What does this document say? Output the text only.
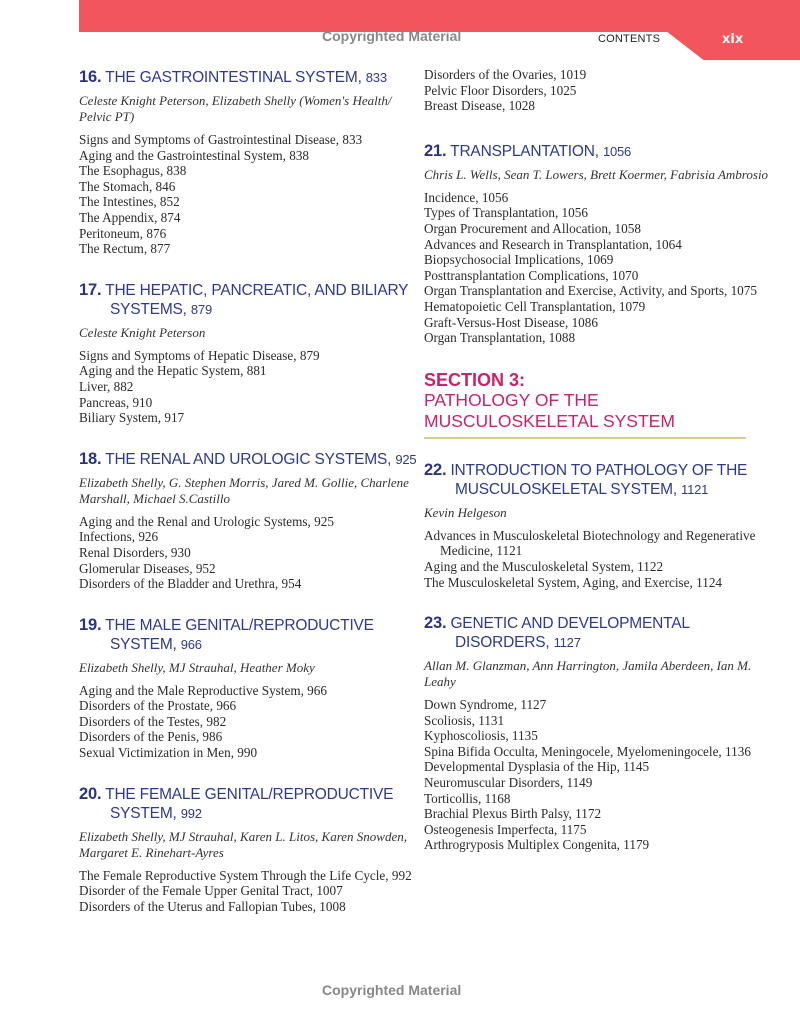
xix
CONTENTS
Copyrighted Material
16. THE GASTROINTESTINAL SYSTEM, 833
Celeste Knight Peterson, Elizabeth Shelly (Women's Health/ Pelvic PT)
Signs and Symptoms of Gastrointestinal Disease, 833
Aging and the Gastrointestinal System, 838
The Esophagus, 838
The Stomach, 846
The Intestines, 852
The Appendix, 874
Peritoneum, 876
The Rectum, 877
17. THE HEPATIC, PANCREATIC, AND BILIARY SYSTEMS, 879
Celeste Knight Peterson
Signs and Symptoms of Hepatic Disease, 879
Aging and the Hepatic System, 881
Liver, 882
Pancreas, 910
Biliary System, 917
18. THE RENAL AND UROLOGIC SYSTEMS, 925
Elizabeth Shelly, G. Stephen Morris, Jared M. Gollie, Charlene Marshall, Michael S.Castillo
Aging and the Renal and Urologic Systems, 925
Infections, 926
Renal Disorders, 930
Glomerular Diseases, 952
Disorders of the Bladder and Urethra, 954
19. THE MALE GENITAL/REPRODUCTIVE SYSTEM, 966
Elizabeth Shelly, MJ Strauhal, Heather Moky
Aging and the Male Reproductive System, 966
Disorders of the Prostate, 966
Disorders of the Testes, 982
Disorders of the Penis, 986
Sexual Victimization in Men, 990
20. THE FEMALE GENITAL/REPRODUCTIVE SYSTEM, 992
Elizabeth Shelly, MJ Strauhal, Karen L. Litos, Karen Snowden, Margaret E. Rinehart-Ayres
The Female Reproductive System Through the Life Cycle, 992
Disorder of the Female Upper Genital Tract, 1007
Disorders of the Uterus and Fallopian Tubes, 1008
Disorders of the Ovaries, 1019
Pelvic Floor Disorders, 1025
Breast Disease, 1028
21. TRANSPLANTATION, 1056
Chris L. Wells, Sean T. Lowers, Brett Koermer, Fabrisia Ambrosio
Incidence, 1056
Types of Transplantation, 1056
Organ Procurement and Allocation, 1058
Advances and Research in Transplantation, 1064
Biopsychosocial Implications, 1069
Posttransplantation Complications, 1070
Organ Transplantation and Exercise, Activity, and Sports, 1075
Hematopoietic Cell Transplantation, 1079
Graft-Versus-Host Disease, 1086
Organ Transplantation, 1088
SECTION 3:
PATHOLOGY OF THE MUSCULOSKELETAL SYSTEM
22. INTRODUCTION TO PATHOLOGY OF THE MUSCULOSKELETAL SYSTEM, 1121
Kevin Helgeson
Advances in Musculoskeletal Biotechnology and Regenerative Medicine, 1121
Aging and the Musculoskeletal System, 1122
The Musculoskeletal System, Aging, and Exercise, 1124
23. GENETIC AND DEVELOPMENTAL DISORDERS, 1127
Allan M. Glanzman, Ann Harrington, Jamila Aberdeen, Ian M. Leahy
Down Syndrome, 1127
Scoliosis, 1131
Kyphoscoliosis, 1135
Spina Bifida Occulta, Meningocele, Myelomeningocele, 1136
Developmental Dysplasia of the Hip, 1145
Neuromuscular Disorders, 1149
Torticollis, 1168
Brachial Plexus Birth Palsy, 1172
Osteogenesis Imperfecta, 1175
Arthrogryposis Multiplex Congenita, 1179
Copyrighted Material
